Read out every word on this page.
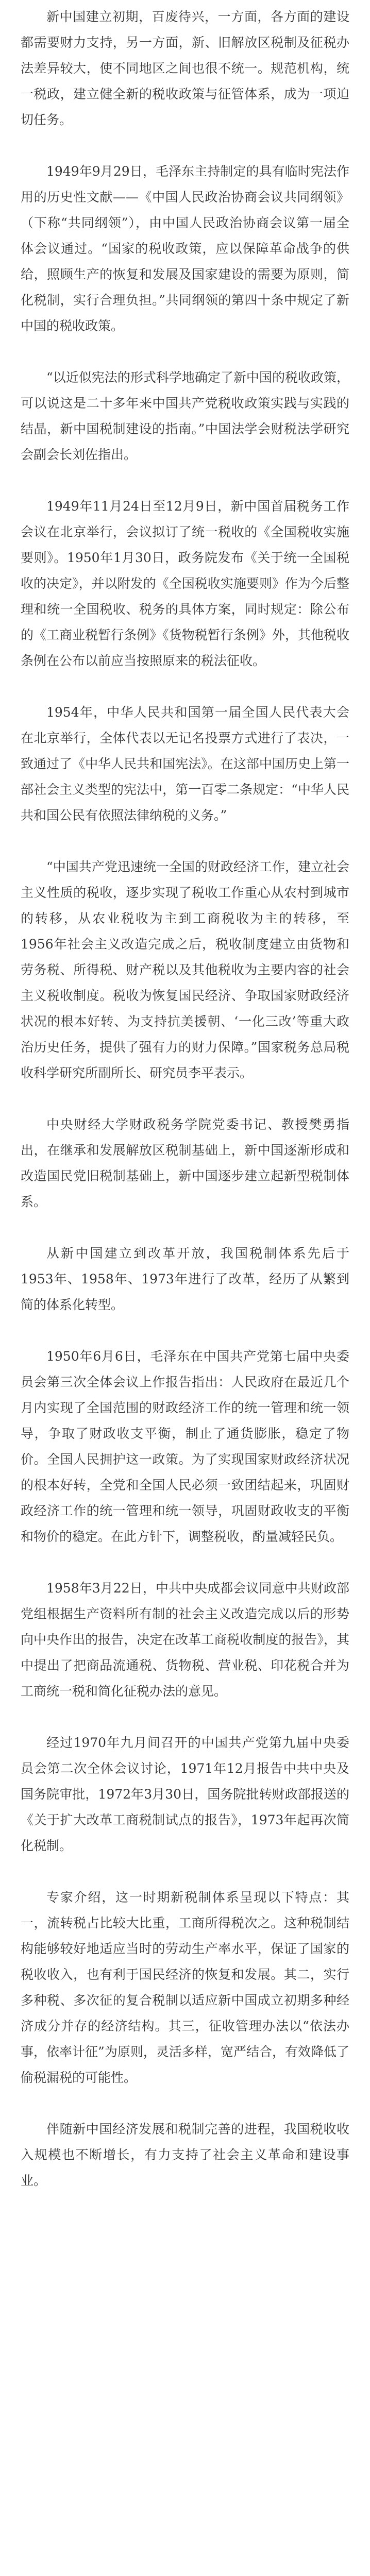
新中国建立初期，百废待兴，一方面，各方面的建设都需要财力支持，另一方面，新、旧解放区税制及征税办法差异较大，使不同地区之间也很不统一。规范机构，统一税政，建立健全新的税收政策与征管体系，成为一项迫切任务。

1949年9月29日，毛泽东主持制定的具有临时宪法作用的历史性文献——《中国人民政治协商会议共同纲领》（下称“共同纲领”），由中国人民政治协商会议第一届全体会议通过。“国家的税收政策，应以保障革命战争的供给，照顾生产的恢复和发展及国家建设的需要为原则，简化税制，实行合理负担。”共同纲领的第四十条中规定了新中国的税收政策。

“以近似宪法的形式科学地确定了新中国的税收政策，可以说这是二十多年来中国共产党税收政策实践与实践的结晶，新中国税制建设的指南。”中国法学会财税法学研究会副会长刘佐指出。

1949年11月24日至12月9日，新中国首届税务工作会议在北京举行，会议拟订了统一税收的《全国税收实施要则》。1950年1月30日，政务院发布《关于统一全国税收的决定》，并以附发的《全国税收实施要则》作为今后整理和统一全国税收、税务的具体方案，同时规定：除公布的《工商业税暂行条例》《货物税暂行条例》外，其他税收条例在公布以前应当按照原来的税法征收。

1954年，中华人民共和国第一届全国人民代表大会在北京举行，全体代表以无记名投票方式进行了表决，一致通过了《中华人民共和国宪法》。在这部中国历史上第一部社会主义类型的宪法中，第一百零二条规定：“中华人民共和国公民有依照法律纳税的义务。”

“中国共产党迅速统一全国的财政经济工作，建立社会主义性质的税收，逐步实现了税收工作重心从农村到城市的转移，从农业税收为主到工商税收为主的转移，至1956年社会主义改造完成之后，税收制度建立由货物和劳务税、所得税、财产税以及其他税收为主要内容的社会主义税收制度。税收为恢复国民经济、争取国家财政经济状况的根本好转、为支持抗美援朝、‘一化三改’等重大政治历史任务，提供了强有力的财力保障。”国家税务总局税收科学研究所副所长、研究员李平表示。

中央财经大学财政税务学院党委书记、教授樊勇指出，在继承和发展解放区税制基础上，新中国逐渐形成和改造国民党旧税制基础上，新中国逐步建立起新型税制体系。

从新中国建立到改革开放，我国税制体系先后于1953年、1958年、1973年进行了改革，经历了从繁到简的体系化转型。

1950年6月6日，毛泽东在中国共产党第七届中央委员会第三次全体会议上作报告指出：人民政府在最近几个月内实现了全国范围的财政经济工作的统一管理和统一领导，争取了财政收支平衡，制止了通货膨胀，稳定了物价。全国人民拥护这一政策。为了实现国家财政经济状况的根本好转，全党和全国人民必须一致团结起来，巩固财政经济工作的统一管理和统一领导，巩固财政收支的平衡和物价的稳定。在此方针下，调整税收，酌量减轻民负。

1958年3月22日，中共中央成都会议同意中共财政部党组根据生产资料所有制的社会主义改造完成以后的形势向中央作出的报告，决定在改革工商税收制度的报告》，其中提出了把商品流通税、货物税、营业税、印花税合并为工商统一税和简化征税办法的意见。

经过1970年九月间召开的中国共产党第九届中央委员会第二次全体会议讨论，1971年12月报告中共中央及国务院审批，1972年3月30日，国务院批转财政部报送的《关于扩大改革工商税制试点的报告》，1973年起再次简化税制。

专家介绍，这一时期新税制体系呈现以下特点：其一，流转税占比较大比重，工商所得税次之。这种税制结构能够较好地适应当时的劳动生产率水平，保证了国家的税收收入，也有利于国民经济的恢复和发展。其二，实行多种税、多次征的复合税制以适应新中国成立初期多种经济成分并存的经济结构。其三，征收管理办法以“依法办事，依率计征”为原则，灵活多样，宽严结合，有效降低了偷税漏税的可能性。

伴随新中国经济发展和税制完善的进程，我国税收收入规模也不断增长，有力支持了社会主义革命和建设事业。
